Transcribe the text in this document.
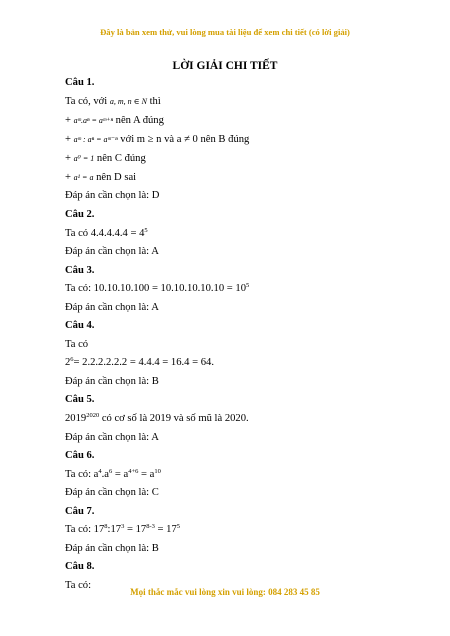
Đây là bản xem thử, vui lòng mua tài liệu để xem chi tiết (có lời giải)
LỜI GIẢI CHI TIẾT
Câu 1.
Ta có, với a, m, n ∈ N thì
+ aᵐ.aⁿ = aᵐ⁺ⁿ nên A đúng
+ aᵐ : aⁿ = aᵐ⁻ⁿ với m ≥ n và a ≠ 0 nên B đúng
+ a⁰ = 1 nên C đúng
+ a¹ = a nên D sai
Đáp án cần chọn là: D
Câu 2.
Ta có $4.4.4.4.4 = 4^5$
Đáp án cần chọn là: A
Câu 3.
Ta có: $10.10.10.100 = 10.10.10.10.10 = 10^5$
Đáp án cần chọn là: A
Câu 4.
Ta có
$2^6= 2.2.2.2.2.2 = 4.4.4 = 16.4 = 64$.
Đáp án cần chọn là: B
Câu 5.
$2019^{2020}$ có cơ số là 2019 và số mũ là 2020.
Đáp án cần chọn là: A
Câu 6.
Ta có: $a^4.a^6 = a^{4+6} = a^{10}$
Đáp án cần chọn là: C
Câu 7.
Ta có: $17^8:17^3 = 17^{8-3} = 17^5$
Đáp án cần chọn là: B
Câu 8.
Ta có:
Mọi thắc mắc vui lòng xin vui lòng: 084 283 45 85
